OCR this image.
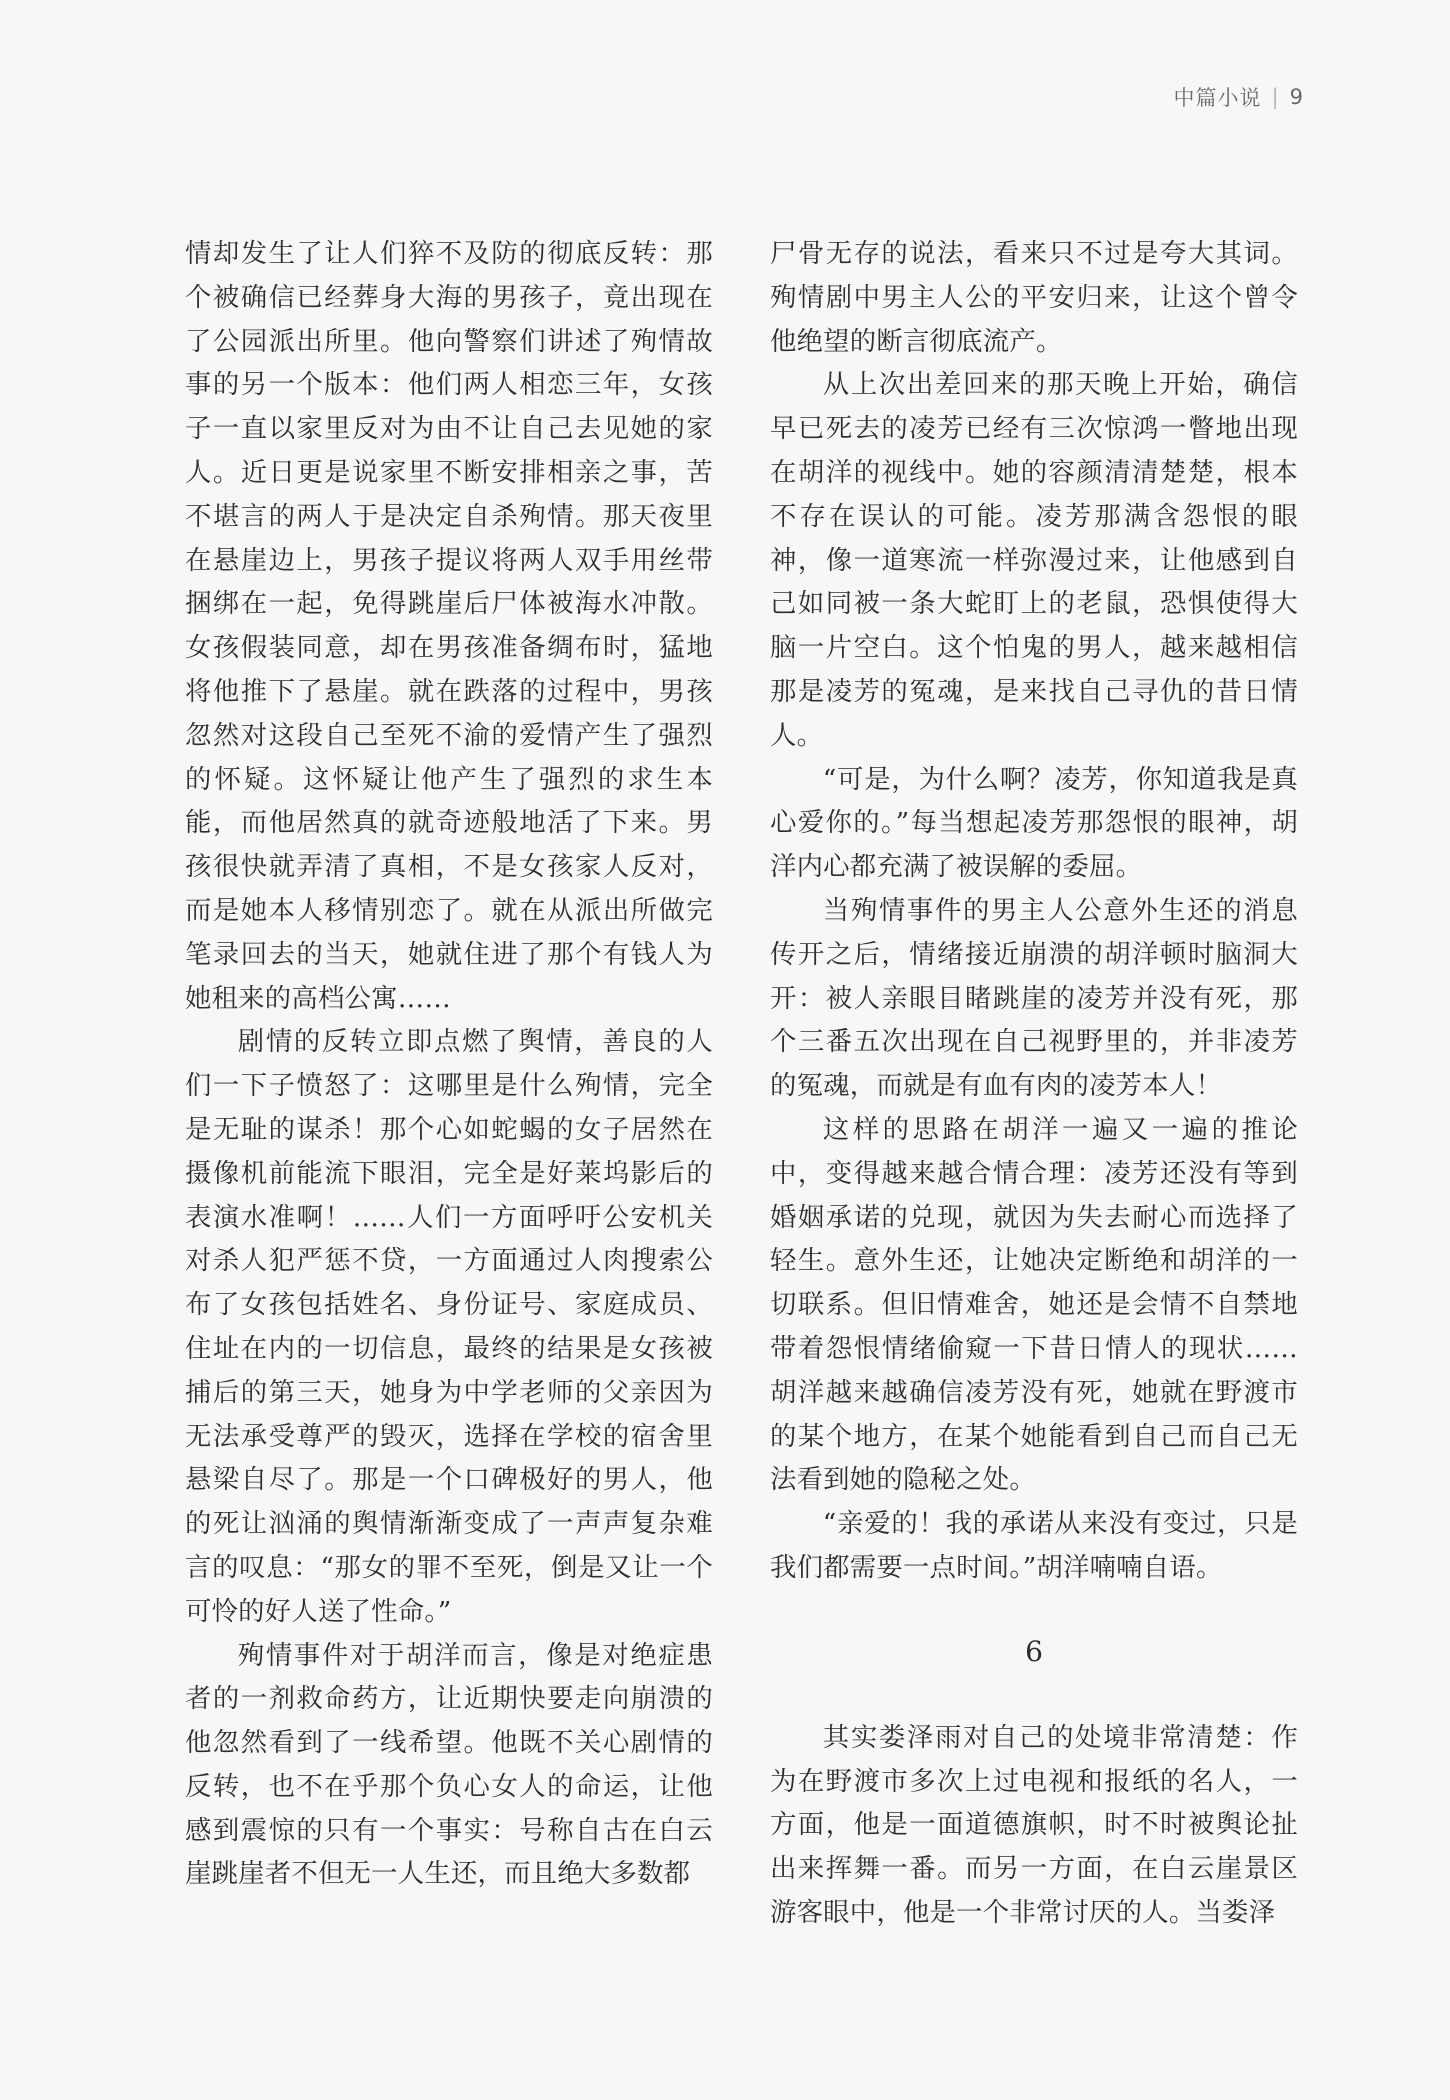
中篇小说 | 9

情却发生了让人们猝不及防的彻底反转：那个被确信已经葬身大海的男孩子，竟出现在了公园派出所里。他向警察们讲述了殉情故事的另一个版本：他们两人相恋三年，女孩子一直以家里反对为由不让自己去见她的家人。近日更是说家里不断安排相亲之事，苦不堪言的两人于是决定自杀殉情。那天夜里在悬崖边上，男孩子提议将两人双手用丝带捆绑在一起，免得跳崖后尸体被海水冲散。女孩假装同意，却在男孩准备绸布时，猛地将他推下了悬崖。就在跌落的过程中，男孩忽然对这段自己至死不渝的爱情产生了强烈的怀疑。这怀疑让他产生了强烈的求生本能，而他居然真的就奇迹般地活了下来。男孩很快就弄清了真相，不是女孩家人反对，而是她本人移情别恋了。就在从派出所做完笔录回去的当天，她就住进了那个有钱人为她租来的高档公寓……

剧情的反转立即点燃了舆情，善良的人们一下子愤怒了：这哪里是什么殉情，完全是无耻的谋杀！那个心如蛇蝎的女子居然在摄像机前能流下眼泪，完全是好莱坞影后的表演水准啊！……人们一方面呼吁公安机关对杀人犯严惩不贷，一方面通过人肉搜索公布了女孩包括姓名、身份证号、家庭成员、住址在内的一切信息，最终的结果是女孩被捕后的第三天，她身为中学老师的父亲因为无法承受尊严的毁灭，选择在学校的宿舍里悬梁自尽了。那是一个口碑极好的男人，他的死让汹涌的舆情渐渐变成了一声声复杂难言的叹息：“那女的罪不至死，倒是又让一个可怜的好人送了性命。”

殉情事件对于胡洋而言，像是对绝症患者的一剂救命药方，让近期快要走向崩溃的他忽然看到了一线希望。他既不关心剧情的反转，也不在乎那个负心女人的命运，让他感到震惊的只有一个事实：号称自古在白云崖跳崖者不但无一人生还，而且绝大多数都

尸骨无存的说法，看来只不过是夸大其词。殉情剧中男主人公的平安归来，让这个曾令他绝望的断言彻底流产。

从上次出差回来的那天晚上开始，确信早已死去的凌芳已经有三次惊鸿一瞥地出现在胡洋的视线中。她的容颜清清楚楚，根本不存在误认的可能。凌芳那满含怨恨的眼神，像一道寒流一样弥漫过来，让他感到自己如同被一条大蛇盯上的老鼠，恐惧使得大脑一片空白。这个怕鬼的男人，越来越相信那是凌芳的冤魂，是来找自己寻仇的昔日情人。

“可是，为什么啊？凌芳，你知道我是真心爱你的。”每当想起凌芳那怨恨的眼神，胡洋内心都充满了被误解的委屈。

当殉情事件的男主人公意外生还的消息传开之后，情绪接近崩溃的胡洋顿时脑洞大开：被人亲眼目睹跳崖的凌芳并没有死，那个三番五次出现在自己视野里的，并非凌芳的冤魂，而就是有血有肉的凌芳本人！

这样的思路在胡洋一遍又一遍的推论中，变得越来越合情合理：凌芳还没有等到婚姻承诺的兑现，就因为失去耐心而选择了轻生。意外生还，让她决定断绝和胡洋的一切联系。但旧情难舍，她还是会情不自禁地带着怨恨情绪偷窥一下昔日情人的现状……胡洋越来越确信凌芳没有死，她就在野渡市的某个地方，在某个她能看到自己而自己无法看到她的隐秘之处。

“亲爱的！我的承诺从来没有变过，只是我们都需要一点时间。”胡洋喃喃自语。

6

其实娄泽雨对自己的处境非常清楚：作为在野渡市多次上过电视和报纸的名人，一方面，他是一面道德旗帜，时不时被舆论扯出来挥舞一番。而另一方面，在白云崖景区游客眼中，他是一个非常讨厌的人。当娄泽
